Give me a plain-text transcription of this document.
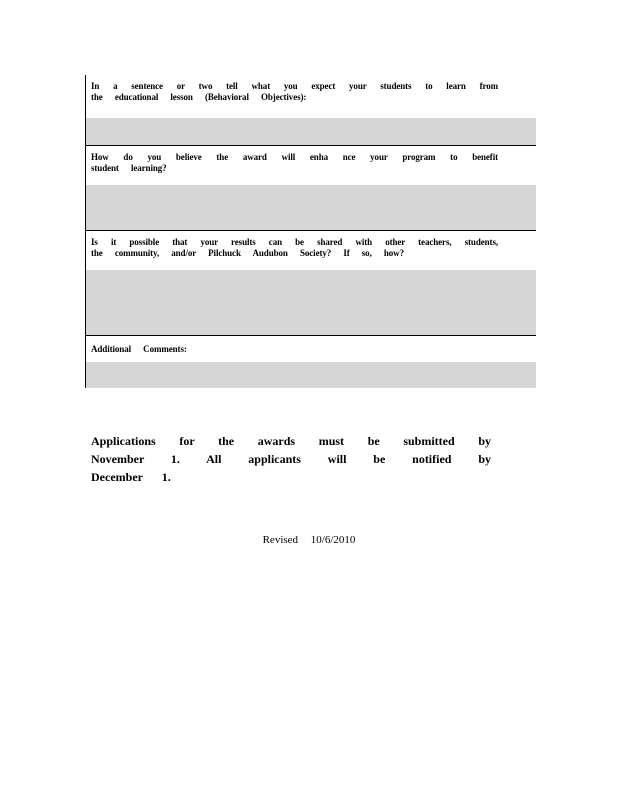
In a sentence or two tell what you expect your students to learn from the educational lesson (Behavioral Objectives):
How do you believe the award will enha nce your program to benefit student learning?
Is it possible that your results can be shared with other teachers, students, the community, and/or Pilchuck Audubon Society? If so, how?
Additional Comments:
Applications for the awards must be submitted by November 1. All applicants will be notified by December 1.
Revised 10/6/2010
